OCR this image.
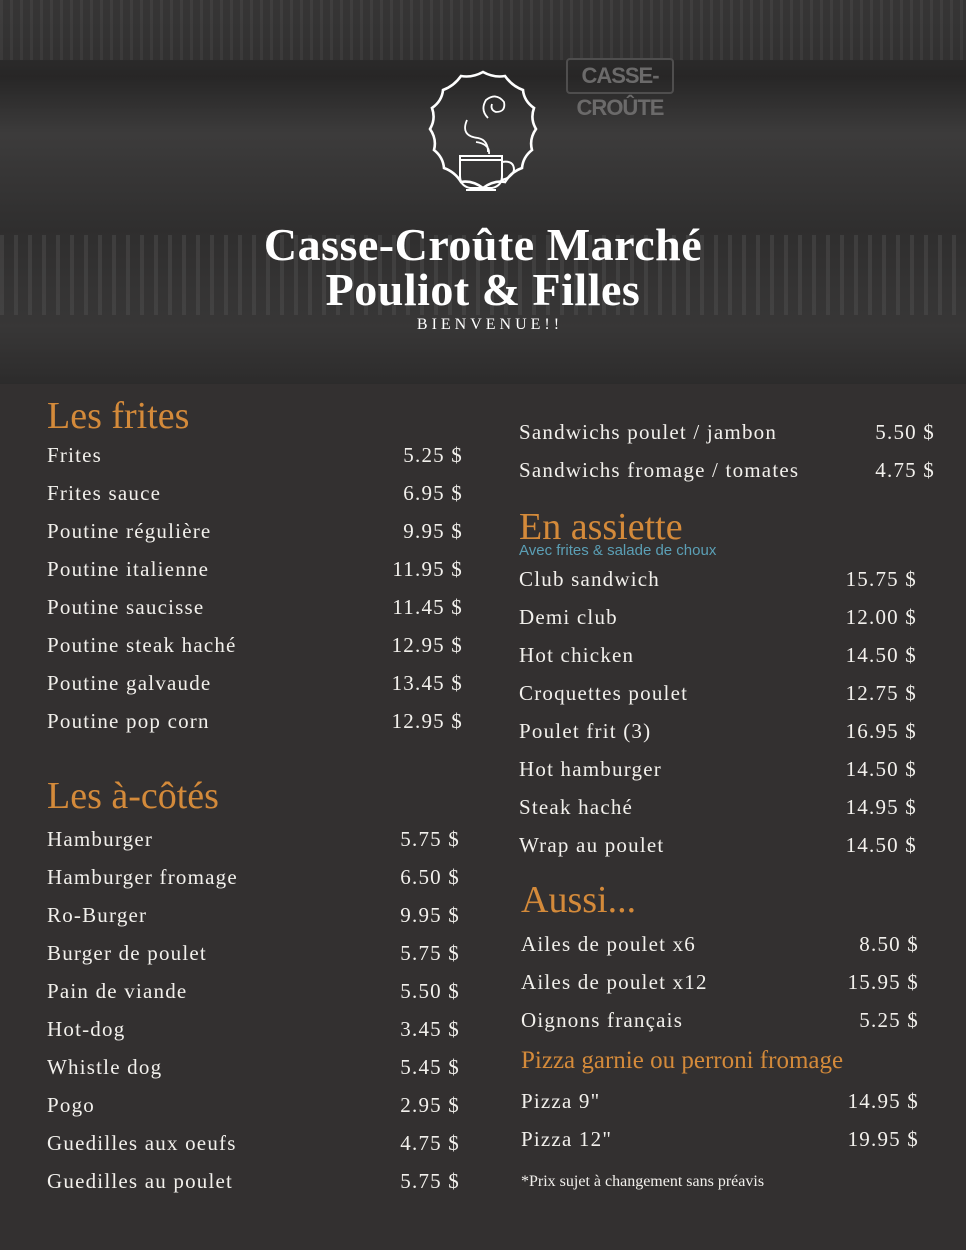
CASSE-CROÛTE
Casse-Croûte Marché
Pouliot & Filles
BIENVENUE!!
Les frites
Frites	5.25 $
Frites sauce	6.95 $
Poutine régulière	9.95 $
Poutine italienne	11.95 $
Poutine saucisse	11.45 $
Poutine steak haché	12.95 $
Poutine galvaude	13.45 $
Poutine pop corn	12.95 $
Les à-côtés
Hamburger	5.75 $
Hamburger fromage	6.50 $
Ro-Burger	9.95 $
Burger de poulet	5.75 $
Pain de viande	5.50 $
Hot-dog	3.45 $
Whistle dog	5.45 $
Pogo	2.95 $
Guedilles aux oeufs	4.75 $
Guedilles au poulet	5.75 $
Sandwichs poulet / jambon	5.50 $
Sandwichs fromage / tomates	4.75 $
En assiette
Avec frites & salade de choux
Club sandwich	15.75 $
Demi club	12.00 $
Hot chicken	14.50 $
Croquettes poulet	12.75 $
Poulet frit (3)	16.95 $
Hot hamburger	14.50 $
Steak haché	14.95 $
Wrap au poulet	14.50 $
Aussi...
Ailes de poulet x6	8.50 $
Ailes de poulet x12	15.95 $
Oignons français	5.25 $
Pizza garnie ou perroni fromage
Pizza 9"	14.95 $
Pizza 12"	19.95 $
*Prix sujet à changement sans préavis
